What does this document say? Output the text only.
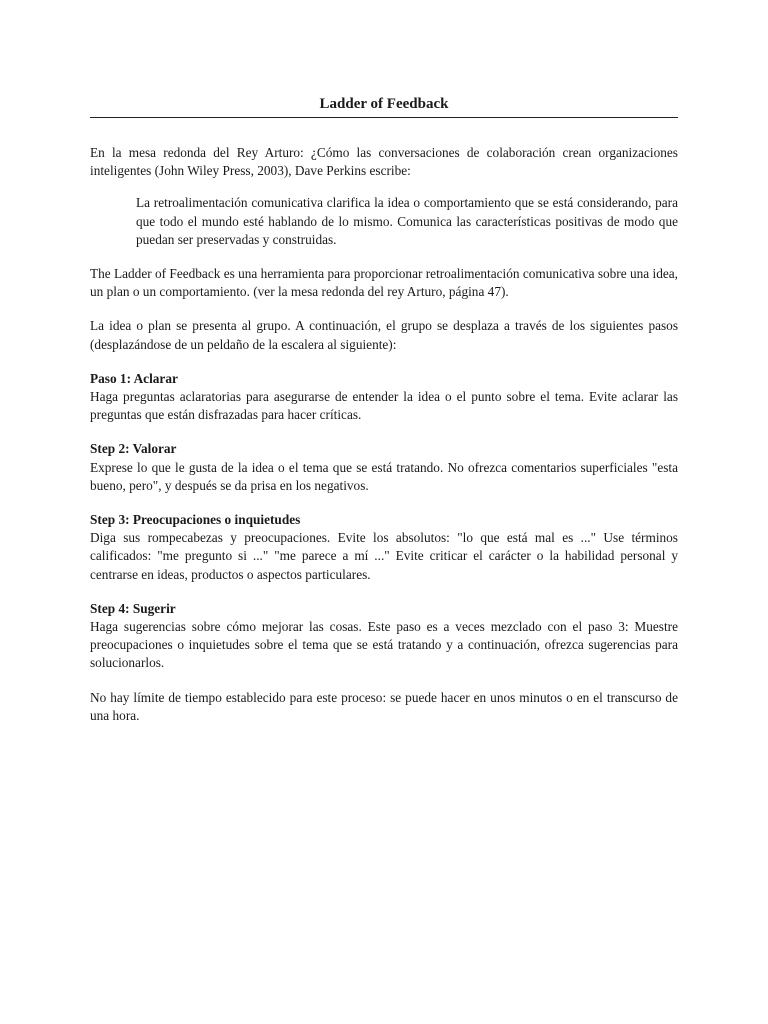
Ladder of Feedback

En la mesa redonda del Rey Arturo: ¿Cómo las conversaciones de colaboración crean organizaciones inteligentes (John Wiley Press, 2003), Dave Perkins escribe:

La retroalimentación comunicativa clarifica la idea o comportamiento que se está considerando, para que todo el mundo esté hablando de lo mismo. Comunica las características positivas de modo que puedan ser preservadas y construidas.

The Ladder of Feedback es una herramienta para proporcionar retroalimentación comunicativa sobre una idea, un plan o un comportamiento. (ver la mesa redonda del rey Arturo, página 47).

La idea o plan se presenta al grupo. A continuación, el grupo se desplaza a través de los siguientes pasos (desplazándose de un peldaño de la escalera al siguiente):

Paso 1: Aclarar

Haga preguntas aclaratorias para asegurarse de entender la idea o el punto sobre el tema. Evite aclarar las preguntas que están disfrazadas para hacer críticas.

Step 2: Valorar

Exprese lo que le gusta de la idea o el tema que se está tratando. No ofrezca comentarios superficiales "esta bueno, pero", y después se da prisa en los negativos.

Step 3: Preocupaciones o inquietudes

Diga sus rompecabezas y preocupaciones. Evite los absolutos: "lo que está mal es ..." Use términos calificados: "me pregunto si ..." "me parece a mí ..." Evite criticar el carácter o la habilidad personal y centrarse en ideas, productos o aspectos particulares.

Step 4: Sugerir

Haga sugerencias sobre cómo mejorar las cosas. Este paso es a veces mezclado con el paso 3: Muestre preocupaciones o inquietudes sobre el tema que se está tratando y a continuación, ofrezca sugerencias para solucionarlos.

No hay límite de tiempo establecido para este proceso: se puede hacer en unos minutos o en el transcurso de una hora.
